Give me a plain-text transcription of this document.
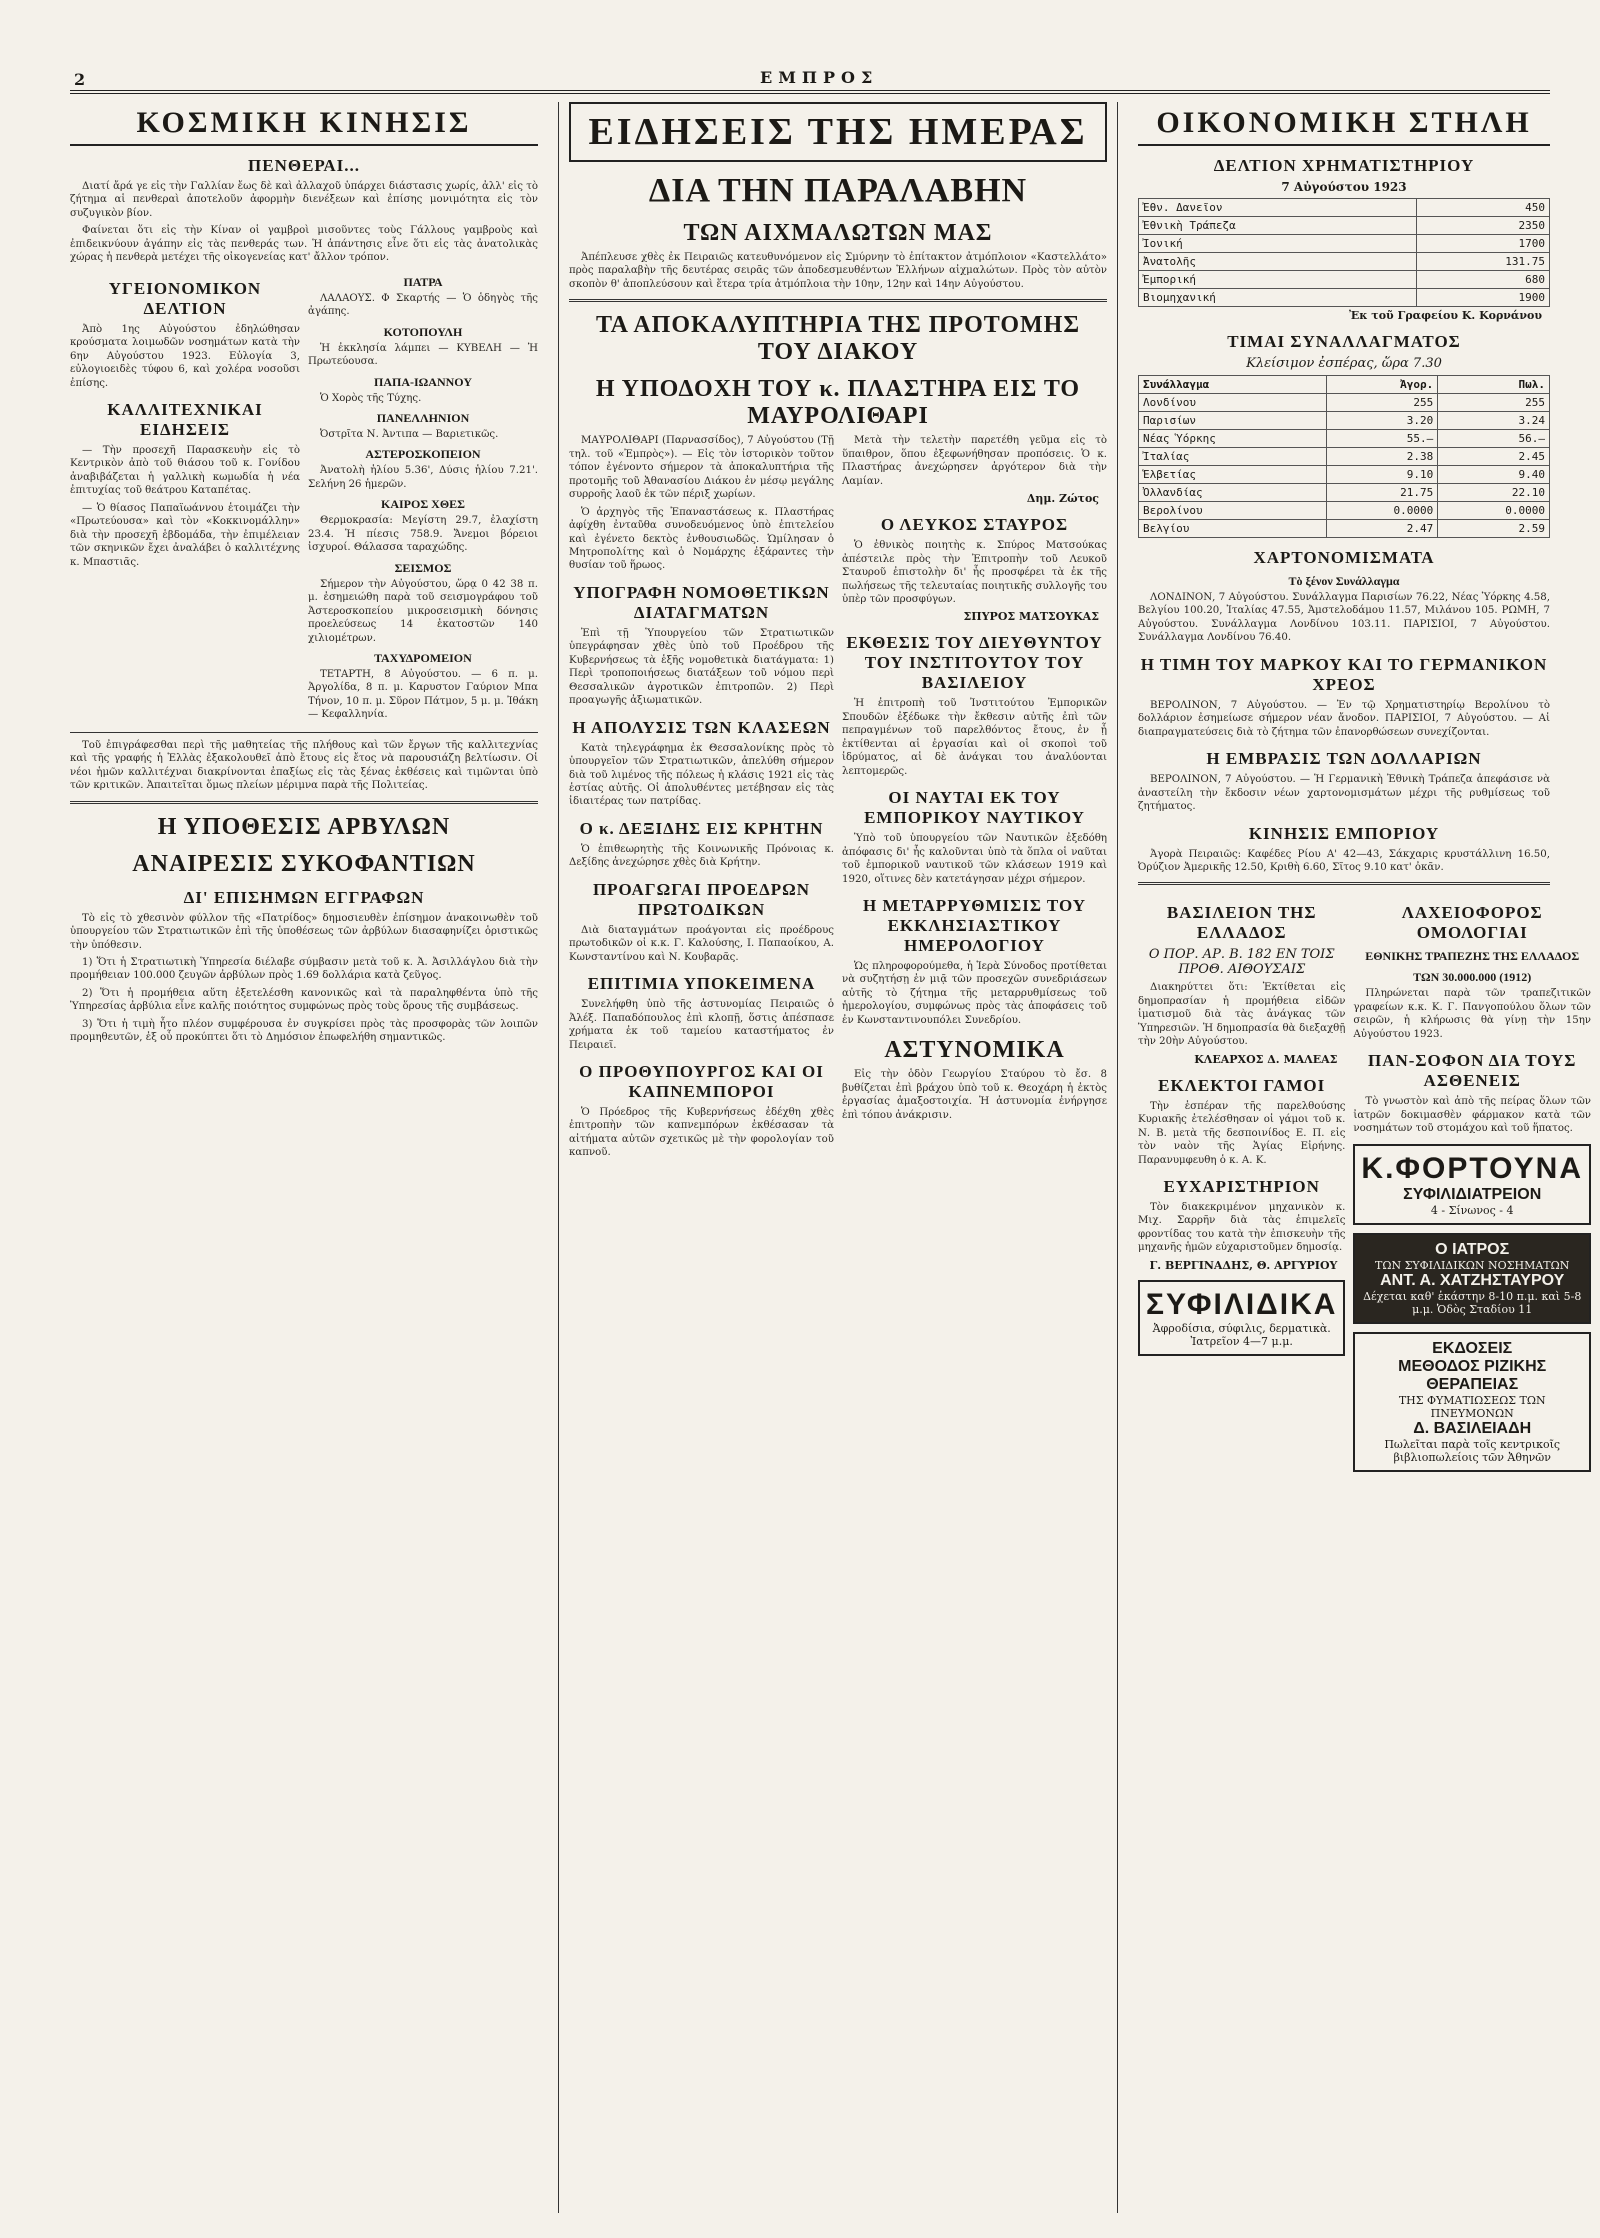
2	ΕΜΠΡΟΣ
ΚΟΣΜΙΚΗ ΚΙΝΗΣΙΣ
ΠΕΝΘΕΡΑΙ...

Διατί ἄρά γε εἰς τὴν Γαλλίαν ἔως δὲ καὶ ἀλλαχοῦ ὑπάρχει διάστασις χωρίς, ἀλλ' εἰς τὸ ζήτημα αἱ πενθεραὶ ἀποτελοῦν ἀφορμὴν διενέξεων καὶ ἐπίσης μονιμότητα εἰς τὸν συζυγικὸν βίον.

Φαίνεται ὅτι εἰς τὴν Κίναν οἱ γαμβροὶ μισοῦντες τοὺς Γάλλους γαμβροὺς καὶ ἐπιδεικνύουν ἀγάπην εἰς τὰς πενθεράς των. Ἡ ἀπάντησις εἶνε ὅτι εἰς τὰς ἀνατολικὰς χώρας ἡ πενθερὰ μετέχει τῆς οἰκογενείας κατ' ἄλλον τρόπον.

ΥΓΕΙΟΝΟΜΙΚΟΝ ΔΕΛΤΙΟΝ

Ἀπὸ 1ης Αὐγούστου ἐδηλώθησαν κρούσματα λοιμωδῶν νοσημάτων κατὰ τὴν 6ην Αὐγούστου 1923. Εὐλογία 3, εὐλογιοειδὲς τύφου 6, καὶ χολέρα νοσοῦσι ἐπίσης.

ΚΑΛΛΙΤΕΧΝΙΚΑΙ ΕΙΔΗΣΕΙΣ

— Τὴν προσεχῆ Παρασκευὴν εἰς τὸ Κεντρικὸν ἀπὸ τοῦ θιάσου τοῦ κ. Γονίδου ἀναβιβάζεται ἡ γαλλικὴ κωμωδία ἡ νέα ἐπιτυχίας τοῦ θεάτρου Καταπέτας.

— Ὁ θίασος Παπαϊωάννου ἑτοιμάζει τὴν «Πρωτεύουσα» καὶ τὸν «Κοκκινομάλλην» διὰ τὴν προσεχῆ ἑβδομάδα, τὴν ἐπιμέλειαν τῶν σκηνικῶν ἔχει ἀναλάβει ὁ καλλιτέχνης κ. Μπαστιᾶς.

ΠΑΤΡΑ

ΛΑΛΑΟΥΣ. Φ Σκαρτής — Ὁ ὁδηγὸς τῆς ἀγάπης.

ΚΟΤΟΠΟΥΛΗ

Ἡ ἐκκλησία λάμπει — ΚΥΒΕΛΗ — Ἡ Πρωτεύουσα.

ΠΑΠΑ-ΙΩΑΝΝΟΥ

Ὁ Χορὸς τῆς Τύχης.

ΠΑΝΕΛΛΗΝΙΟΝ

Ὀστρῖτα Ν. Ἀντιπα — Βαριετικῶς.

ΑΣΤΕΡΟΣΚΟΠΕΙΟΝ

Ἀνατολὴ ἡλίου 5.36', Δύσις ἡλίου 7.21'. Σελήνη 26 ἡμερῶν.

ΚΑΙΡΟΣ ΧΘΕΣ

Θερμοκρασία: Μεγίστη 29.7, ἐλαχίστη 23.4. Ἡ πίεσις 758.9. Ἄνεμοι βόρειοι ἰσχυροί. Θάλασσα ταραχώδης.

ΣΕΙΣΜΟΣ

Σήμερον τὴν Αὐγούστου, ὥρᾳ 0 42 38 π. μ. ἐσημειώθη παρὰ τοῦ σεισμογράφου τοῦ Ἀστεροσκοπείου μικροσεισμικὴ δόνησις προελεύσεως 14 ἑκατοστῶν 140 χιλιομέτρων.

ΤΑΧΥΔΡΟΜΕΙΟΝ

ΤΕΤΑΡΤΗ, 8 Αὐγούστου. — 6 π. μ. Ἀργολίδα, 8 π. μ. Καρυστον Γαύριον Μπα Τήνον, 10 π. μ. Σῦρον Πάτμον, 5 μ. μ. Ἰθάκη — Κεφαλληνία.

Τοῦ ἐπιγράφεσθαι περὶ τῆς μαθητείας τῆς πλήθους καὶ τῶν ἔργων τῆς καλλιτεχνίας καὶ τῆς γραφής ἡ Ἑλλὰς ἐξακολουθεῖ ἀπὸ ἔτους εἰς ἔτος νὰ παρουσιάζη βελτίωσιν. Οἱ νέοι ἡμῶν καλλιτέχναι διακρίνονται ἐπαξίως εἰς τὰς ξένας ἐκθέσεις καὶ τιμῶνται ὑπὸ τῶν κριτικῶν. Ἀπαιτεῖται ὅμως πλείων μέριμνα παρὰ τῆς Πολιτείας.

Η ΥΠΟΘΕΣΙΣ ΑΡΒΥΛΩΝ
ΑΝΑΙΡΕΣΙΣ ΣΥΚΟΦΑΝΤΙΩΝ
ΔΙ' ΕΠΙΣΗΜΩΝ ΕΓΓΡΑΦΩΝ

Τὸ εἰς τὸ χθεσινὸν φύλλον τῆς «Πατρίδος» δημοσιευθὲν ἐπίσημον ἀνακοινωθὲν τοῦ ὑπουργείου τῶν Στρατιωτικῶν ἐπὶ τῆς ὑποθέσεως τῶν ἀρβύλων διασαφηνίζει ὁριστικῶς τὴν ὑπόθεσιν.

1) Ὅτι ἡ Στρατιωτικὴ Ὑπηρεσία διέλαβε σύμβασιν μετὰ τοῦ κ. Ἀ. Ἀσιλλάγλου διὰ τὴν προμήθειαν 100.000 ζευγῶν ἀρβύλων πρὸς 1.69 δολλάρια κατὰ ζεῦγος.

2) Ὅτι ἡ προμήθεια αὕτη ἐξετελέσθη κανονικῶς καὶ τὰ παραληφθέντα ὑπὸ τῆς Ὑπηρεσίας ἀρβύλια εἶνε καλῆς ποιότητος συμφώνως πρὸς τοὺς ὅρους τῆς συμβάσεως.

3) Ὅτι ἡ τιμὴ ἦτο πλέον συμφέρουσα ἐν συγκρίσει πρὸς τὰς προσφορὰς τῶν λοιπῶν προμηθευτῶν, ἐξ οὗ προκύπτει ὅτι τὸ Δημόσιον ἐπωφελήθη σημαντικῶς.

ΕΙΔΗΣΕΙΣ ΤΗΣ ΗΜΕΡΑΣ
ΔΙΑ ΤΗΝ ΠΑΡΑΛΑΒΗΝ
ΤΩΝ ΑΙΧΜΑΛΩΤΩΝ ΜΑΣ

Ἀπέπλευσε χθὲς ἐκ Πειραιῶς κατευθυνόμενον εἰς Σμύρνην τὸ ἐπίτακτον ἀτμόπλοιον «Καστελλάτο» πρὸς παραλαβὴν τῆς δευτέρας σειρᾶς τῶν ἀποδεσμευθέντων Ἑλλήνων αἰχμαλώτων. Πρὸς τὸν αὐτὸν σκοπὸν θ' ἀποπλεύσουν καὶ ἕτερα τρία ἀτμόπλοια τὴν 10ην, 12ην καὶ 14ην Αὐγούστου.

ΤΑ ΑΠΟΚΑΛΥΠΤΗΡΙΑ ΤΗΣ ΠΡΟΤΟΜΗΣ ΤΟΥ ΔΙΑΚΟΥ
Η ΥΠΟΔΟΧΗ ΤΟΥ κ. ΠΛΑΣΤΗΡΑ ΕΙΣ ΤΟ ΜΑΥΡΟΛΙΘΑΡΙ

ΜΑΥΡΟΛΙΘΑΡΙ (Παρνασσίδος), 7 Αὐγούστου (Τῇ τηλ. τοῦ «Ἐμπρὸς»). — Εἰς τὸν ἱστορικὸν τοῦτον τόπον ἐγένοντο σήμερον τὰ ἀποκαλυπτήρια τῆς προτομῆς τοῦ Ἀθανασίου Διάκου ἐν μέσῳ μεγάλης συρροῆς λαοῦ ἐκ τῶν πέριξ χωρίων.

Ὁ ἀρχηγὸς τῆς Ἐπαναστάσεως κ. Πλαστήρας ἀφίχθη ἐνταῦθα συνοδευόμενος ὑπὸ ἐπιτελείου καὶ ἐγένετο δεκτὸς ἐνθουσιωδῶς. Ὡμίλησαν ὁ Μητροπολίτης καὶ ὁ Νομάρχης ἐξάραντες τὴν θυσίαν τοῦ ἥρωος.

ΥΠΟΓΡΑΦΗ ΝΟΜΟΘΕΤΙΚΩΝ ΔΙΑΤΑΓΜΑΤΩΝ

Ἐπὶ τῇ Ὑπουργείου τῶν Στρατιωτικῶν ὑπεγράφησαν χθὲς ὑπὸ τοῦ Προέδρου τῆς Κυβερνήσεως τὰ ἑξῆς νομοθετικὰ διατάγματα: 1) Περὶ τροποποιήσεως διατάξεων τοῦ νόμου περὶ Θεσσαλικῶν ἀγροτικῶν ἐπιτροπῶν. 2) Περὶ προαγωγῆς ἀξιωματικῶν.

Η ΑΠΟΛΥΣΙΣ ΤΩΝ ΚΛΑΣΕΩΝ

Κατὰ τηλεγράφημα ἐκ Θεσσαλονίκης πρὸς τὸ ὑπουργεῖον τῶν Στρατιωτικῶν, ἀπελύθη σήμερον διὰ τοῦ λιμένος τῆς πόλεως ἡ κλάσις 1921 εἰς τὰς ἑστίας αὐτῆς. Οἱ ἀπολυθέντες μετέβησαν εἰς τὰς ἰδιαιτέρας των πατρίδας.

Ο κ. ΔΕΞΙΔΗΣ ΕΙΣ ΚΡΗΤΗΝ

Ὁ ἐπιθεωρητὴς τῆς Κοινωνικῆς Πρόνοιας κ. Δεξίδης ἀνεχώρησε χθὲς διὰ Κρήτην.

ΠΡΟΑΓΩΓΑΙ ΠΡΟΕΔΡΩΝ ΠΡΩΤΟΔΙΚΩΝ

Διὰ διαταγμάτων προάγονται εἰς προέδρους πρωτοδικῶν οἱ κ.κ. Γ. Καλούσης, Ι. Παπαοίκου, Α. Κωνσταντίνου καὶ Ν. Κουβαρᾶς.

ΕΠΙΤΙΜΙΑ ΥΠΟΚΕΙΜΕΝΑ

Συνελήφθη ὑπὸ τῆς ἀστυνομίας Πειραιῶς ὁ Ἀλέξ. Παπαδόπουλος ἐπὶ κλοπῇ, ὅστις ἀπέσπασε χρήματα ἐκ τοῦ ταμείου καταστήματος ἐν Πειραιεῖ.

Ο ΠΡΟΘΥΠΟΥΡΓΟΣ ΚΑΙ ΟΙ ΚΑΠΝΕΜΠΟΡΟΙ

Ὁ Πρόεδρος τῆς Κυβερνήσεως ἐδέχθη χθὲς ἐπιτροπὴν τῶν καπνεμπόρων ἐκθέσασαν τὰ αἰτήματα αὐτῶν σχετικῶς μὲ τὴν φορολογίαν τοῦ καπνοῦ.

Μετὰ τὴν τελετὴν παρετέθη γεῦμα εἰς τὸ ὕπαιθρον, ὅπου ἐξεφωνήθησαν προπόσεις. Ὁ κ. Πλαστήρας ἀνεχώρησεν ἀργότερον διὰ τὴν Λαμίαν.

Δημ. Ζώτος
Ο ΛΕΥΚΟΣ ΣΤΑΥΡΟΣ

Ὁ ἐθνικὸς ποιητὴς κ. Σπύρος Ματσούκας ἀπέστειλε πρὸς τὴν Ἐπιτροπὴν τοῦ Λευκοῦ Σταυροῦ ἐπιστολὴν δι' ἧς προσφέρει τὰ ἐκ τῆς πωλήσεως τῆς τελευταίας ποιητικῆς συλλογῆς του ὑπὲρ τῶν προσφύγων.

ΣΠΥΡΟΣ ΜΑΤΣΟΥΚΑΣ
ΕΚΘΕΣΙΣ ΤΟΥ ΔΙΕΥΘΥΝΤΟΥ ΤΟΥ ΙΝΣΤΙΤΟΥΤΟΥ ΤΟΥ ΒΑΣΙΛΕΙΟΥ

Ἡ ἐπιτροπὴ τοῦ Ἰνστιτούτου Ἐμπορικῶν Σπουδῶν ἐξέδωκε τὴν ἔκθεσιν αὐτῆς ἐπὶ τῶν πεπραγμένων τοῦ παρελθόντος ἔτους, ἐν ᾗ ἐκτίθενται αἱ ἐργασίαι καὶ οἱ σκοποὶ τοῦ ἱδρύματος, αἱ δὲ ἀνάγκαι του ἀναλύονται λεπτομερῶς.

ΟΙ ΝΑΥΤΑΙ ΕΚ ΤΟΥ ΕΜΠΟΡΙΚΟΥ ΝΑΥΤΙΚΟΥ

Ὑπὸ τοῦ ὑπουργείου τῶν Ναυτικῶν ἐξεδόθη ἀπόφασις δι' ἧς καλοῦνται ὑπὸ τὰ ὅπλα οἱ ναῦται τοῦ ἐμπορικοῦ ναυτικοῦ τῶν κλάσεων 1919 καὶ 1920, οἵτινες δὲν κατετάγησαν μέχρι σήμερον.

Η ΜΕΤΑΡΡΥΘΜΙΣΙΣ ΤΟΥ ΕΚΚΛΗΣΙΑΣΤΙΚΟΥ ΗΜΕΡΟΛΟΓΙΟΥ

Ὡς πληροφορούμεθα, ἡ Ἱερὰ Σύνοδος προτίθεται νὰ συζητήσῃ ἐν μιᾷ τῶν προσεχῶν συνεδριάσεων αὐτῆς τὸ ζήτημα τῆς μεταρρυθμίσεως τοῦ ἡμερολογίου, συμφώνως πρὸς τὰς ἀποφάσεις τοῦ ἐν Κωνσταντινουπόλει Συνεδρίου.

ΑΣΤΥΝΟΜΙΚΑ

Εἰς τὴν ὁδὸν Γεωργίου Σταύρου τὸ ἔσ. 8 βυθίζεται ἐπὶ βράχου ὑπὸ τοῦ κ. Θεοχάρη ἡ ἐκτὸς ἐργασίας ἁμαξοστοιχία. Ἡ ἀστυνομία ἐνήργησε ἐπὶ τόπου ἀνάκρισιν.

ΟΙΚΟΝΟΜΙΚΗ ΣΤΗΛΗ
ΔΕΛΤΙΟΝ ΧΡΗΜΑΤΙΣΤΗΡΙΟΥ
7 Αὐγούστου 1923
Ἐθν. Δανεῖον	450
Ἐθνικὴ Τράπεζα	2350
Ἰονική	1700
Ἀνατολῆς	131.75
Ἐμπορική	680
Βιομηχανική	1900
Ἐκ τοῦ Γραφείου Κ. Κορνάνου
ΤΙΜΑΙ ΣΥΝΑΛΛΑΓΜΑΤΟΣ
Κλείσιμον ἐσπέρας, ὥρα 7.30
Συνάλλαγμα	Ἀγορ.	Πωλ.
Λονδίνου	255	255
Παρισίων	3.20	3.24
Νέας Ὑόρκης	55.—	56.—
Ἰταλίας	2.38	2.45
Ἑλβετίας	9.10	9.40
Ὀλλανδίας	21.75	22.10
Βερολίνου	0.0000	0.0000
Βελγίου	2.47	2.59
ΧΑΡΤΟΝΟΜΙΣΜΑΤΑ
Τὸ ξένον Συνάλλαγμα

ΛΟΝΔΙΝΟΝ, 7 Αὐγούστου. Συνάλλαγμα Παρισίων 76.22, Νέας Ὑόρκης 4.58, Βελγίου 100.20, Ἰταλίας 47.55, Ἀμστελοδάμου 11.57, Μιλάνου 105. ΡΩΜΗ, 7 Αὐγούστου. Συνάλλαγμα Λονδίνου 103.11. ΠΑΡΙΣΙΟΙ, 7 Αὐγούστου. Συνάλλαγμα Λονδίνου 76.40.

Η ΤΙΜΗ ΤΟΥ ΜΑΡΚΟΥ ΚΑΙ ΤΟ ΓΕΡΜΑΝΙΚΟΝ ΧΡΕΟΣ

ΒΕΡΟΛΙΝΟΝ, 7 Αὐγούστου. — Ἐν τῷ Χρηματιστηρίῳ Βερολίνου τὸ δολλάριον ἐσημείωσε σήμερον νέαν ἄνοδον. ΠΑΡΙΣΙΟΙ, 7 Αὐγούστου. — Αἱ διαπραγματεύσεις διὰ τὸ ζήτημα τῶν ἐπανορθώσεων συνεχίζονται.

Η ΕΜΒΡΑΣΙΣ ΤΩΝ ΔΟΛΛΑΡΙΩΝ

ΒΕΡΟΛΙΝΟΝ, 7 Αὐγούστου. — Ἡ Γερμανικὴ Ἐθνικὴ Τράπεζα ἀπεφάσισε νὰ ἀναστείλη τὴν ἔκδοσιν νέων χαρτονομισμάτων μέχρι τῆς ρυθμίσεως τοῦ ζητήματος.

ΚΙΝΗΣΙΣ ΕΜΠΟΡΙΟΥ

Ἀγορὰ Πειραιῶς: Καφέδες Ρίου Α' 42—43, Σάκχαρις κρυστάλλινη 16.50, Ὀρύζιον Ἀμερικῆς 12.50, Κριθὴ 6.60, Σῖτος 9.10 κατ' ὀκᾶν.

ΒΑΣΙΛΕΙΟΝ ΤΗΣ ΕΛΛΑΔΟΣ
Ο ΠΟΡ. ΑΡ. Β. 182 ΕΝ ΤΟΙΣ ΠΡΟΘ. ΑΙΘΟΥΣΑΙΣ

Διακηρύττει ὅτι: Ἐκτίθεται εἰς δημοπρασίαν ἡ προμήθεια εἰδῶν ἱματισμοῦ διὰ τὰς ἀνάγκας τῶν Ὑπηρεσιῶν. Ἡ δημοπρασία θὰ διεξαχθῇ τὴν 20ὴν Αὐγούστου.

ΚΛΕΑΡΧΟΣ Δ. ΜΑΛΕΑΣ
ΕΚΛΕΚΤΟΙ ΓΑΜΟΙ

Τὴν ἑσπέραν τῆς παρελθούσης Κυριακῆς ἐτελέσθησαν οἱ γάμοι τοῦ κ. Ν. Β. μετὰ τῆς δεσποινίδος Ε. Π. εἰς τὸν ναὸν τῆς Ἁγίας Εἰρήνης. Παρανυμφευθη ὁ κ. Α. Κ.

ΕΥΧΑΡΙΣΤΗΡΙΟΝ

Τὸν διακεκριμένον μηχανικὸν κ. Μιχ. Σαρρῆν διὰ τὰς ἐπιμελεῖς φροντίδας του κατὰ τὴν ἐπισκευὴν τῆς μηχανῆς ἡμῶν εὐχαριστοῦμεν δημοσίᾳ.

Γ. ΒΕΡΓΙΝΑΔΗΣ, Θ. ΑΡΓΥΡΙΟΥ
ΣΥΦΙΛΙΔΙΚΑ
Ἀφροδίσια, σύφιλις, δερματικὰ. Ἰατρεῖον 4—7 μ.μ.
ΛΑΧΕΙΟΦΟΡΟΣ ΟΜΟΛΟΓΙΑΙ
ΕΘΝΙΚΗΣ ΤΡΑΠΕΖΗΣ ΤΗΣ ΕΛΛΑΔΟΣ
ΤΩΝ 30.000.000 (1912)

Πληρώνεται παρὰ τῶν τραπεζιτικῶν γραφείων κ.κ. Κ. Γ. Πανγοπούλου ὅλων τῶν σειρῶν, ἡ κλήρωσις θὰ γίνῃ τὴν 15ην Αὐγούστου 1923.

ΠΑΝ-ΣΟΦΟΝ ΔΙΑ ΤΟΥΣ ΑΣΘΕΝΕΙΣ

Τὸ γνωστὸν καὶ ἀπὸ τῆς πείρας ὅλων τῶν ἰατρῶν δοκιμασθὲν φάρμακον κατὰ τῶν νοσημάτων τοῦ στομάχου καὶ τοῦ ἥπατος.

Κ.ΦΟΡΤΟΥΝΑ
ΣΥΦΙΛΙΔΙΑΤΡΕΙΟΝ
4 - Σίνωνος - 4
Ο ΙΑΤΡΟΣ
ΤΩΝ ΣΥΦΙΛΙΔΙΚΩΝ ΝΟΣΗΜΑΤΩΝ
ΑΝΤ. Α. ΧΑΤΖΗΣΤΑΥΡΟΥ
Δέχεται καθ' ἑκάστην 8-10 π.μ. καὶ 5-8 μ.μ. Ὁδὸς Σταδίου 11
ΕΚΔΟΣΕΙΣ
ΜΕΘΟΔΟΣ ΡΙΖΙΚΗΣ ΘΕΡΑΠΕΙΑΣ
ΤΗΣ ΦΥΜΑΤΙΩΣΕΩΣ ΤΩΝ ΠΝΕΥΜΟΝΩΝ
Δ. ΒΑΣΙΛΕΙΑΔΗ
Πωλεῖται παρὰ τοῖς κεντρικοῖς βιβλιοπωλείοις τῶν Ἀθηνῶν
